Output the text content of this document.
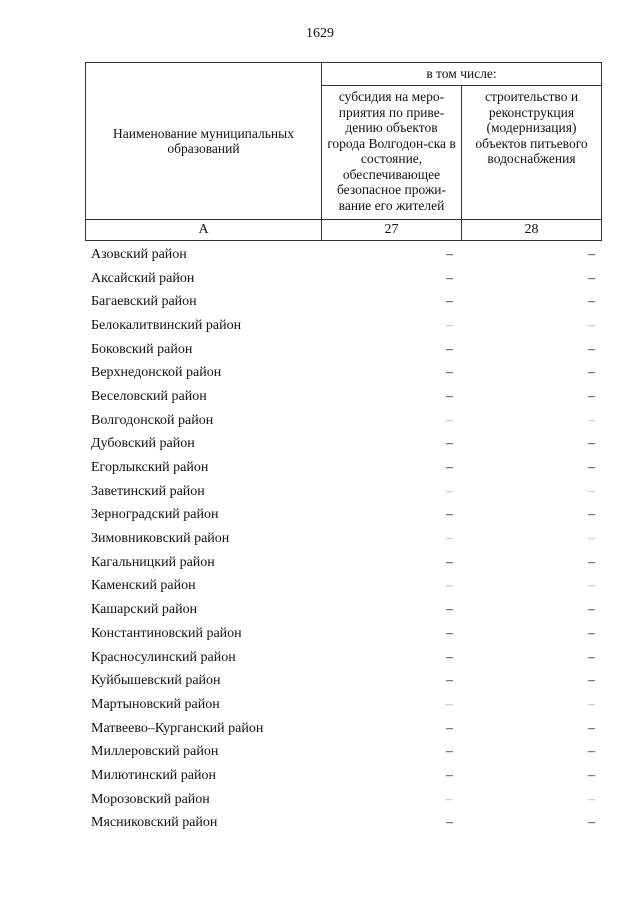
1629
Наименование муниципальных образований	в том числе:	
	субсидия на меро-приятия по приве-дению объектов города Волгодон-ска в состояние, обеспечивающее безопасное прожи-вание его жителей	строительство и реконструкция (модернизация) объектов питьевого водоснабжения
А	27	28
Азовский район	–	–
Аксайский район	–	–
Багаевский район	–	–
Белокалитвинский район	–	–
Боковский район	–	–
Верхнедонской район	–	–
Веселовский район	–	–
Волгодонской район	–	–
Дубовский район	–	–
Егорлыкский район	–	–
Заветинский район	–	–
Зерноградский район	–	–
Зимовниковский район	–	–
Кагальницкий район	–	–
Каменский район	–	–
Кашарский район	–	–
Константиновский район	–	–
Красносулинский район	–	–
Куйбышевский район	–	–
Мартыновский район	–	–
Матвеево–Курганский район	–	–
Миллеровский район	–	–
Милютинский район	–	–
Морозовский район	–	–
Мясниковский район	–	–
